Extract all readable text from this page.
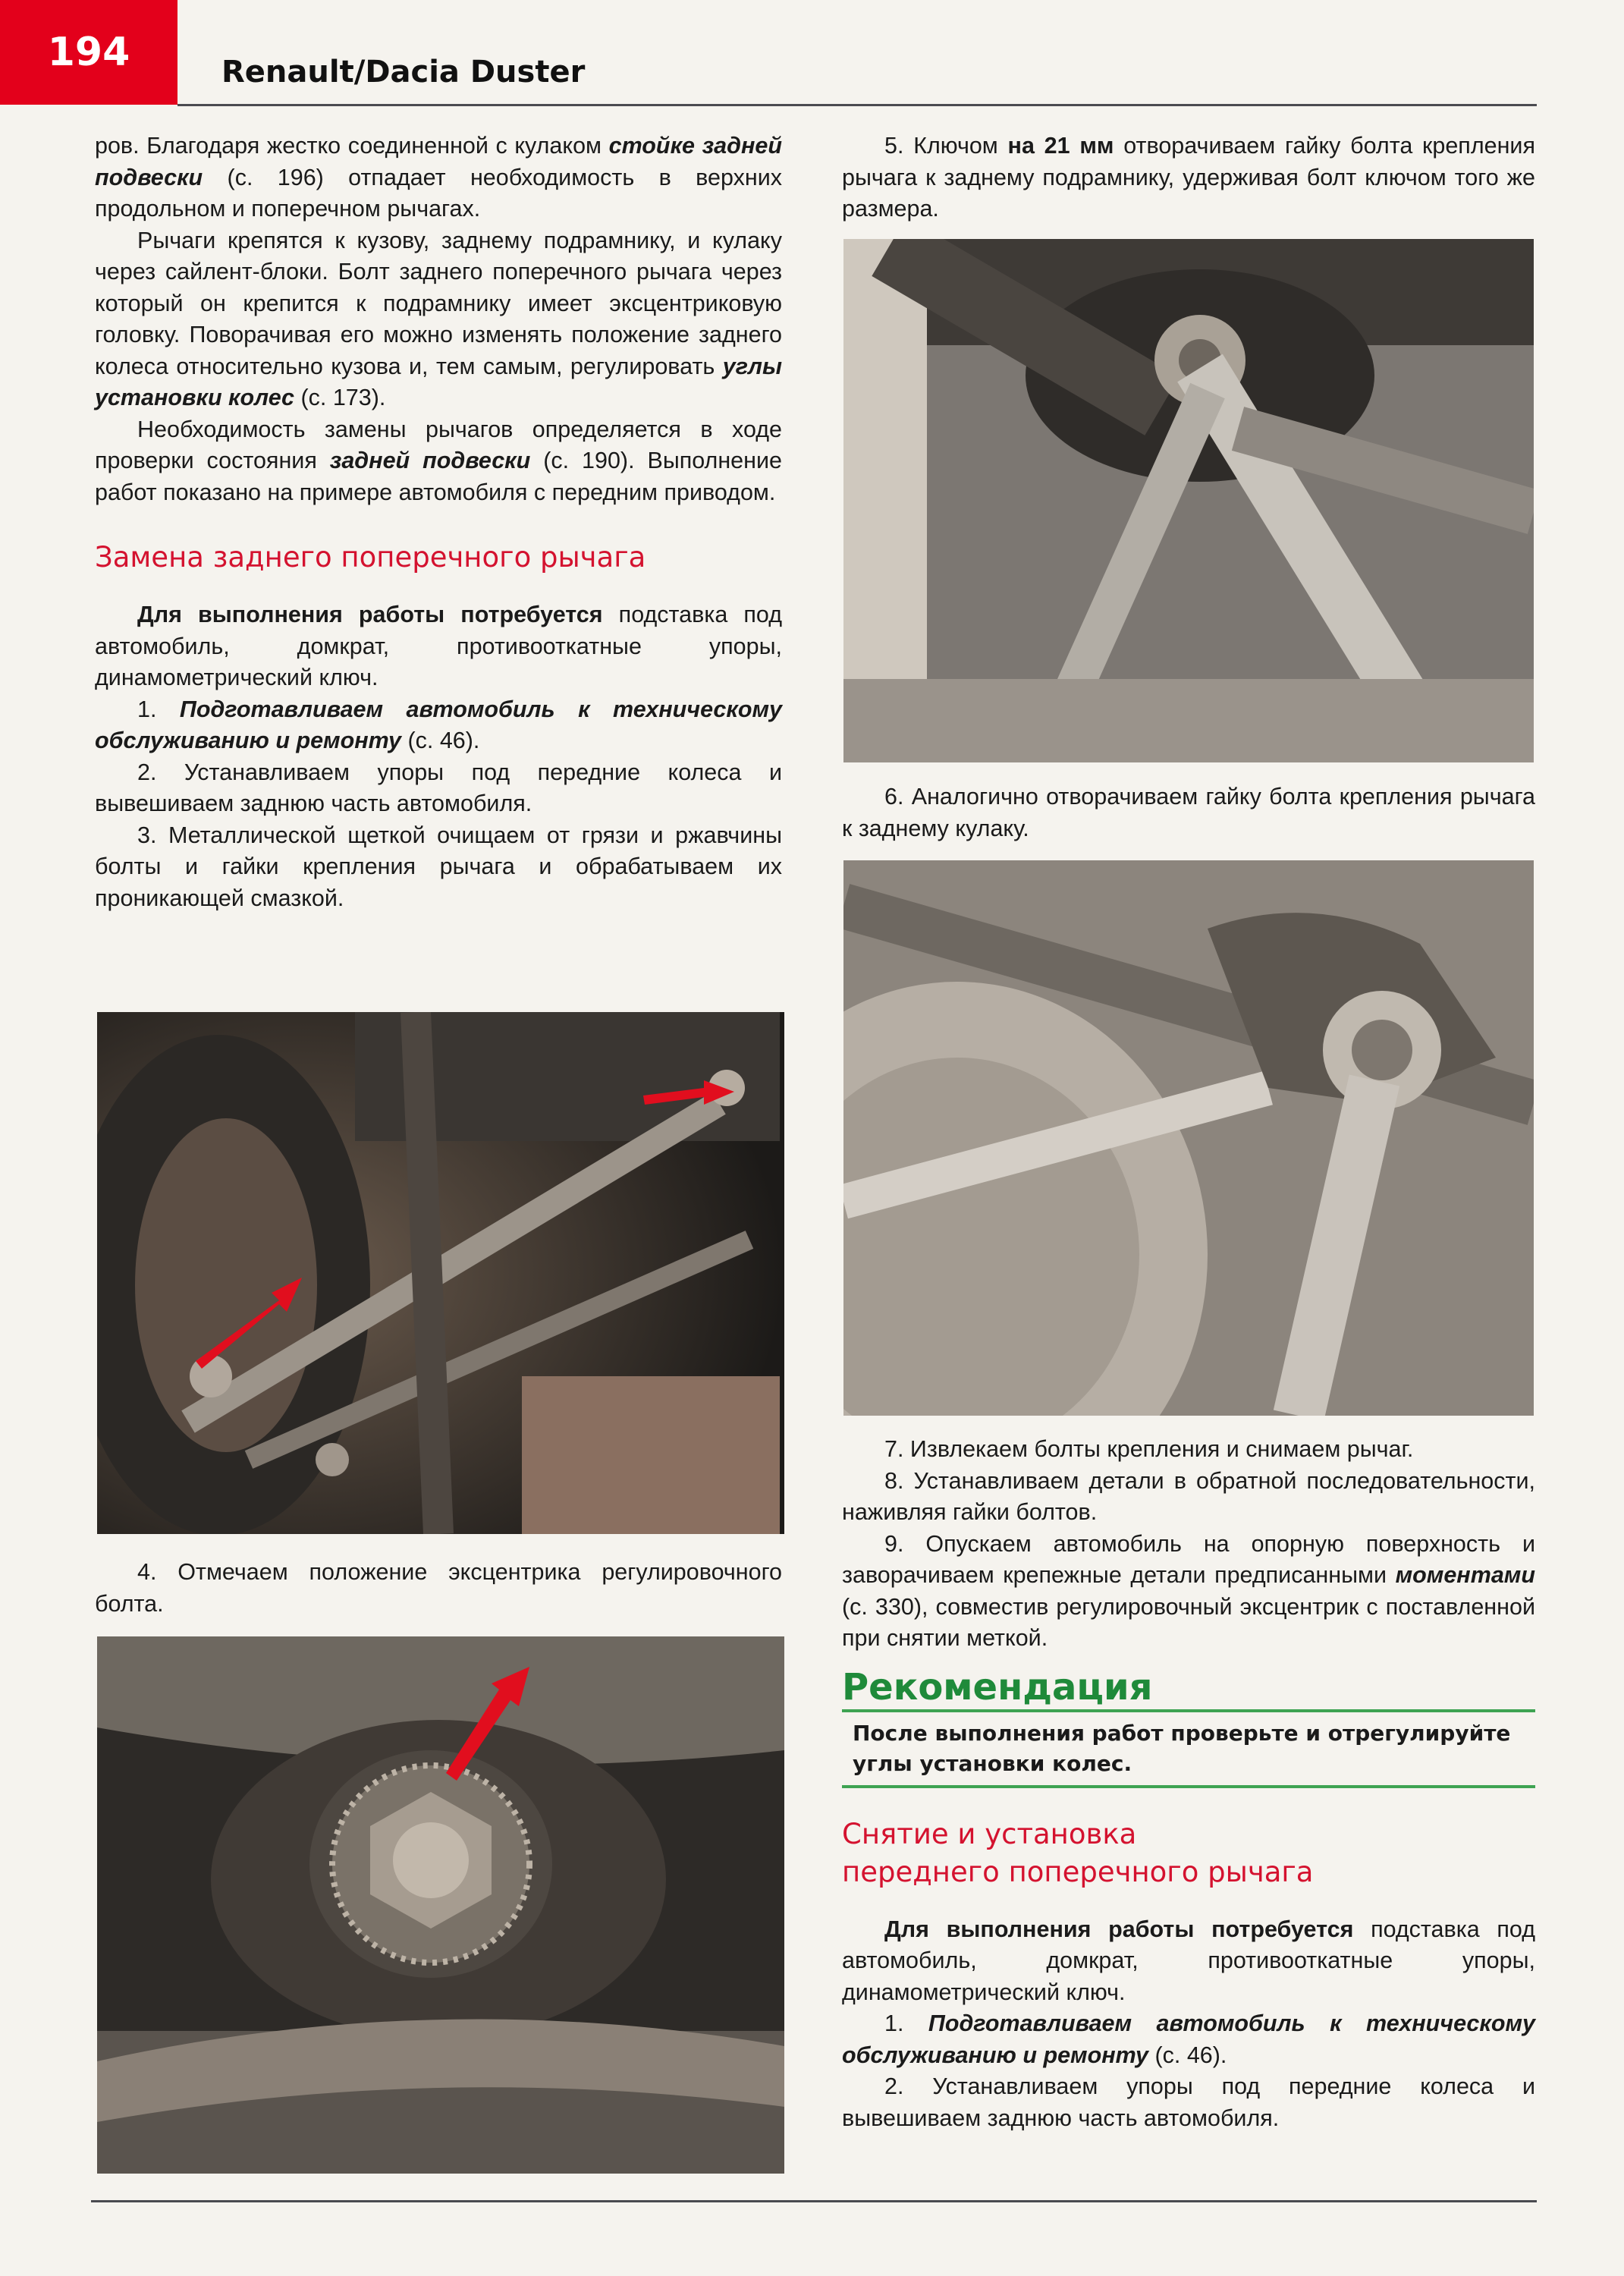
194	Renault/Dacia Duster

ров. Благодаря жестко соединенной с кулаком стойке задней подвески (с. 196) отпадает необходимость в верхних продольном и поперечном рычагах.

Рычаги крепятся к кузову, заднему подрамнику, и кулаку через сайлент-блоки. Болт заднего поперечного рычага через который он крепится к подрамнику имеет эксцентриковую головку. Поворачивая его можно изменять положение заднего колеса относительно кузова и, тем самым, регулировать углы установки колес (с. 173).

Необходимость замены рычагов определяется в ходе проверки состояния задней подвески (с. 190). Выполнение работ показано на примере автомобиля с передним приводом.

Замена заднего поперечного рычага

Для выполнения работы потребуется подставка под автомобиль, домкрат, противооткатные упоры, динамометрический ключ.

1. Подготавливаем автомобиль к техническому обслуживанию и ремонту (с. 46).

2. Устанавливаем упоры под передние колеса и вывешиваем заднюю часть автомобиля.

3. Металлической щеткой очищаем от грязи и ржавчины болты и гайки крепления рычага и обрабатываем их проникающей смазкой.

4. Отмечаем положение эксцентрика регулировочного болта.

5. Ключом на 21 мм отворачиваем гайку болта крепления рычага к заднему подрамнику, удерживая болт ключом того же размера.

6. Аналогично отворачиваем гайку болта крепления рычага к заднему кулаку.

7. Извлекаем болты крепления и снимаем рычаг.

8. Устанавливаем детали в обратной последовательности, наживляя гайки болтов.

9. Опускаем автомобиль на опорную поверхность и заворачиваем крепежные детали предписанными моментами (с. 330), совместив регулировочный эксцентрик с поставленной при снятии меткой.

Рекомендация
После выполнения работ проверьте и отрегулируйте углы установки колес.
Снятие и установка
переднего поперечного рычага

Для выполнения работы потребуется подставка под автомобиль, домкрат, противооткатные упоры, динамометрический ключ.

1. Подготавливаем автомобиль к техническому обслуживанию и ремонту (с. 46).

2. Устанавливаем упоры под передние колеса и вывешиваем заднюю часть автомобиля.
